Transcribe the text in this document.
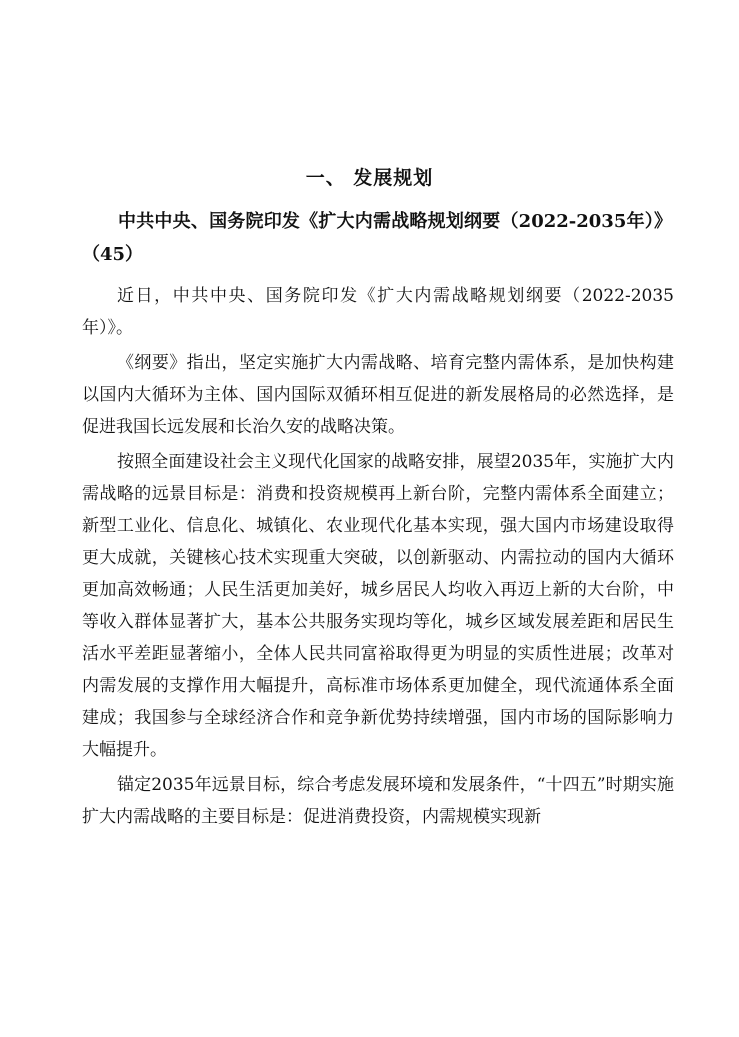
一、 发展规划
中共中央、国务院印发《扩大内需战略规划纲要（2022-2035年）》（45）

近日，中共中央、国务院印发《扩大内需战略规划纲要（2022-2035年）》。

《纲要》指出，坚定实施扩大内需战略、培育完整内需体系，是加快构建以国内大循环为主体、国内国际双循环相互促进的新发展格局的必然选择，是促进我国长远发展和长治久安的战略决策。

按照全面建设社会主义现代化国家的战略安排，展望2035年，实施扩大内需战略的远景目标是：消费和投资规模再上新台阶，完整内需体系全面建立；新型工业化、信息化、城镇化、农业现代化基本实现，强大国内市场建设取得更大成就，关键核心技术实现重大突破，以创新驱动、内需拉动的国内大循环更加高效畅通；人民生活更加美好，城乡居民人均收入再迈上新的大台阶，中等收入群体显著扩大，基本公共服务实现均等化，城乡区域发展差距和居民生活水平差距显著缩小，全体人民共同富裕取得更为明显的实质性进展；改革对内需发展的支撑作用大幅提升，高标准市场体系更加健全，现代流通体系全面建成；我国参与全球经济合作和竞争新优势持续增强，国内市场的国际影响力大幅提升。

锚定2035年远景目标，综合考虑发展环境和发展条件，“十四五”时期实施扩大内需战略的主要目标是：促进消费投资，内需规模实现新
